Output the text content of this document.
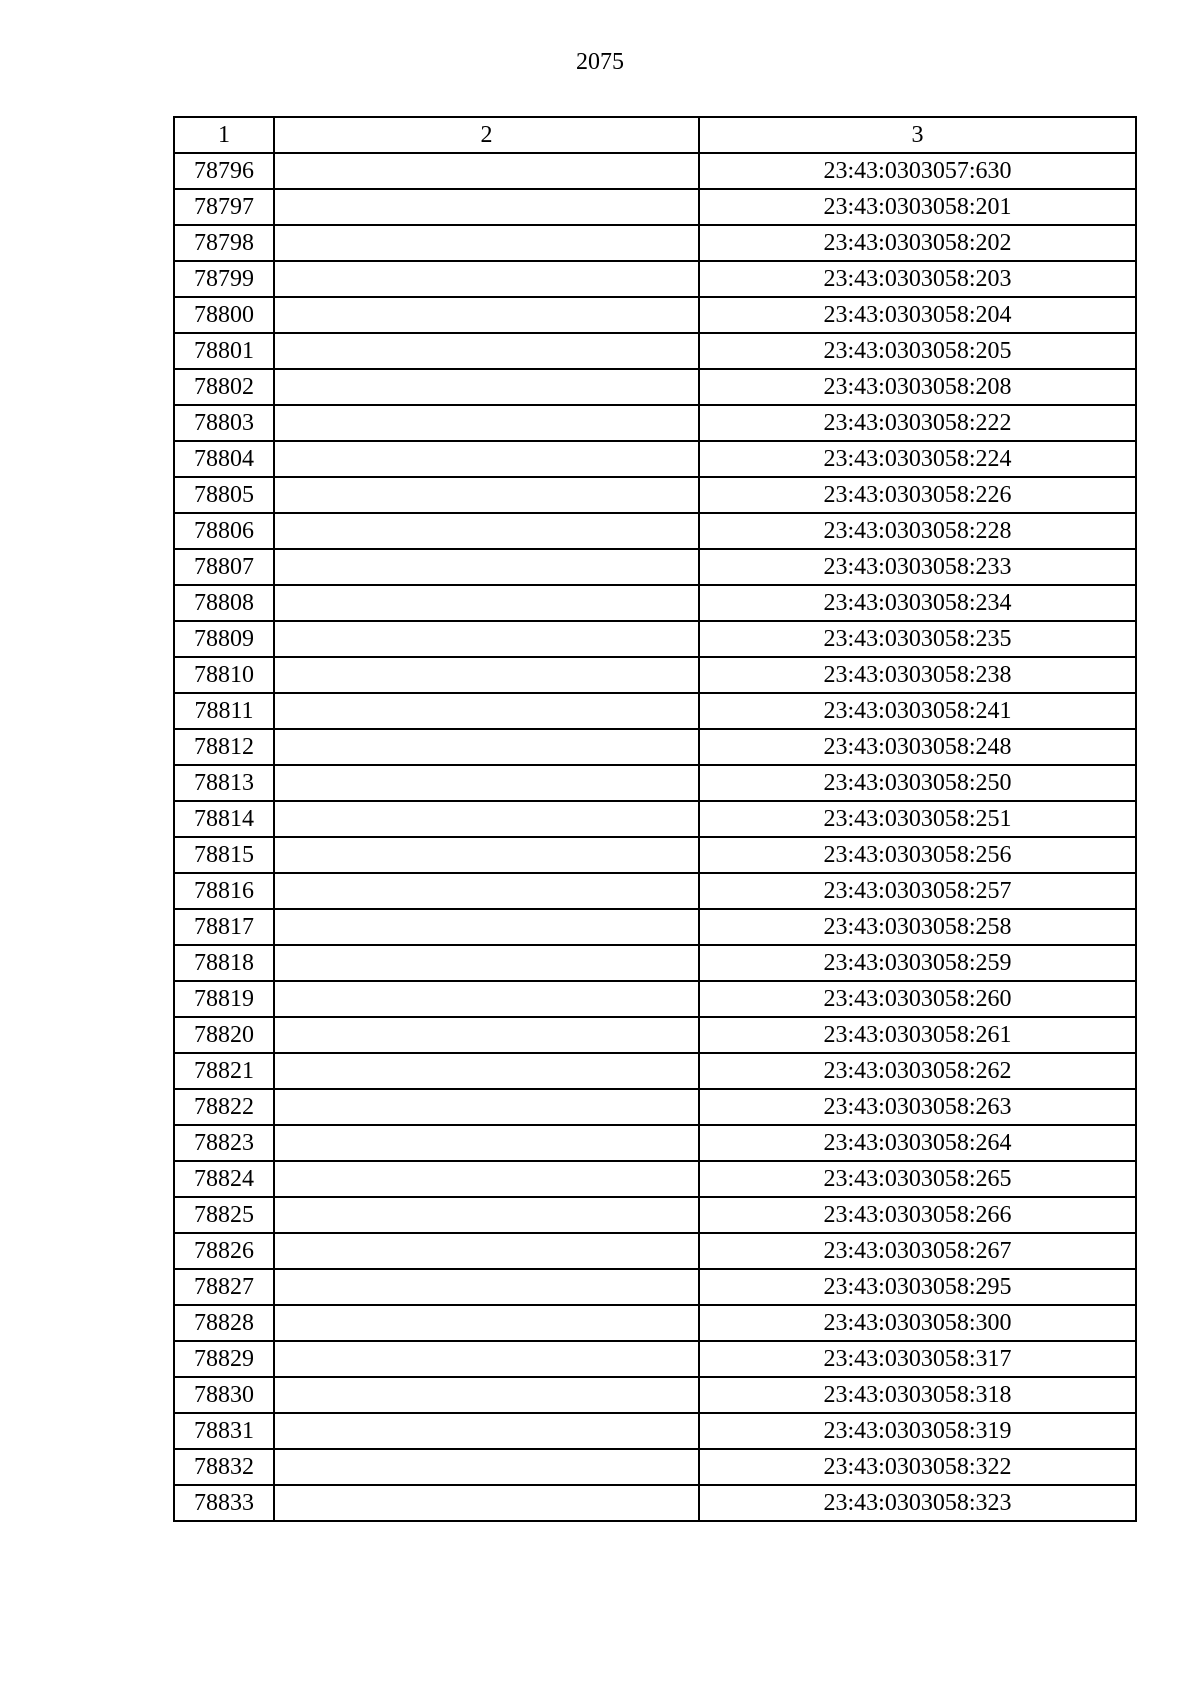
2075
1	2	3
78796		23:43:0303057:630
78797		23:43:0303058:201
78798		23:43:0303058:202
78799		23:43:0303058:203
78800		23:43:0303058:204
78801		23:43:0303058:205
78802		23:43:0303058:208
78803		23:43:0303058:222
78804		23:43:0303058:224
78805		23:43:0303058:226
78806		23:43:0303058:228
78807		23:43:0303058:233
78808		23:43:0303058:234
78809		23:43:0303058:235
78810		23:43:0303058:238
78811		23:43:0303058:241
78812		23:43:0303058:248
78813		23:43:0303058:250
78814		23:43:0303058:251
78815		23:43:0303058:256
78816		23:43:0303058:257
78817		23:43:0303058:258
78818		23:43:0303058:259
78819		23:43:0303058:260
78820		23:43:0303058:261
78821		23:43:0303058:262
78822		23:43:0303058:263
78823		23:43:0303058:264
78824		23:43:0303058:265
78825		23:43:0303058:266
78826		23:43:0303058:267
78827		23:43:0303058:295
78828		23:43:0303058:300
78829		23:43:0303058:317
78830		23:43:0303058:318
78831		23:43:0303058:319
78832		23:43:0303058:322
78833		23:43:0303058:323
